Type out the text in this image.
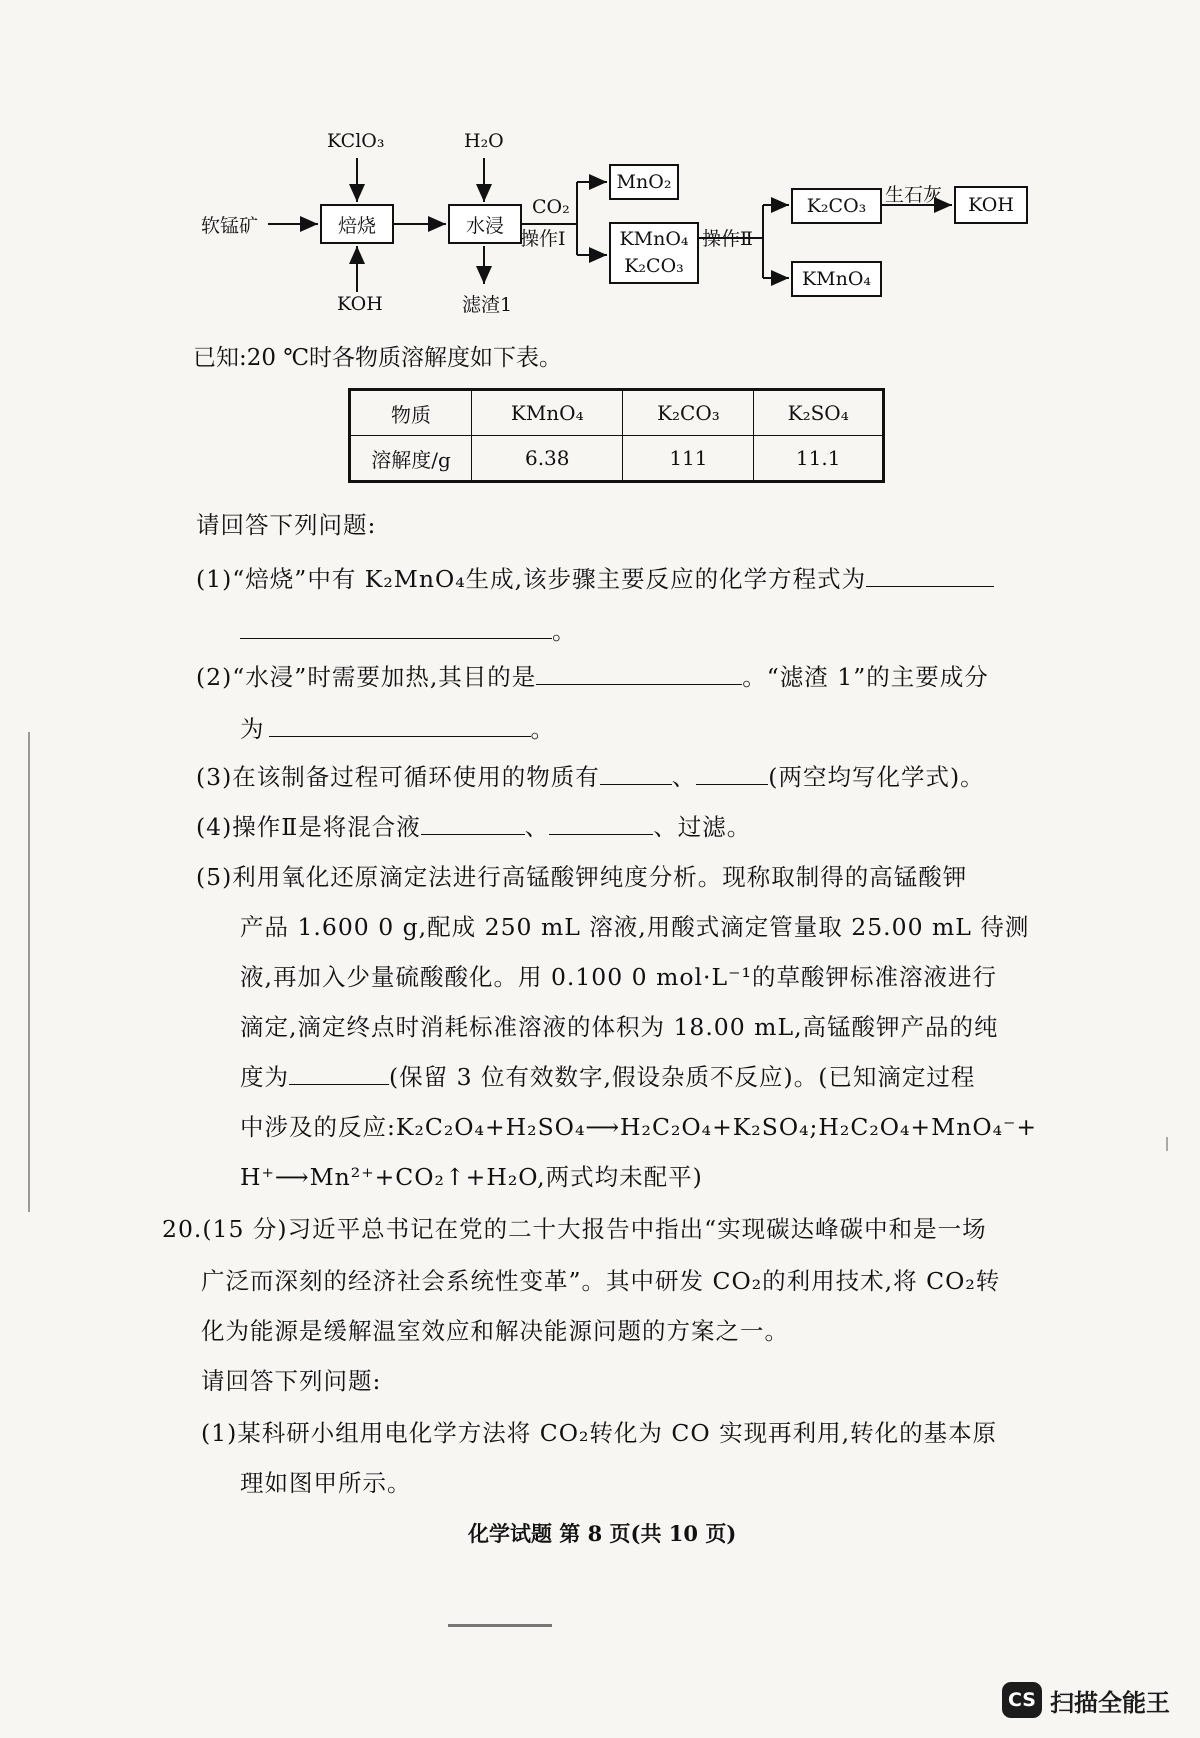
软锰矿
KClO₃
KOH
焙烧
H₂O
水浸
滤渣1
CO₂
操作Ⅰ
MnO₂
KMnO₄
K₂CO₃
操作Ⅱ
K₂CO₃ 生石灰	KOH
KMnO₄
已知:20 ℃时各物质溶解度如下表。
物质	KMnO₄	K₂CO₃	K₂SO₄
溶解度/g	6.38	111	11.1
请回答下列问题:
(1)“焙烧”中有 K₂MnO₄生成,该步骤主要反应的化学方程式为
。
(2)“水浸”时需要加热,其目的是	。“滤渣 1”的主要成分
为	。
(3)在该制备过程可循环使用的物质有	、	(两空均写化学式)。
(4)操作Ⅱ是将混合液	、	、过滤。
(5)利用氧化还原滴定法进行高锰酸钾纯度分析。现称取制得的高锰酸钾
产品 1.600 0 g,配成 250 mL 溶液,用酸式滴定管量取 25.00 mL 待测
液,再加入少量硫酸酸化。用 0.100 0 mol·L⁻¹的草酸钾标准溶液进行
滴定,滴定终点时消耗标准溶液的体积为 18.00 mL,高锰酸钾产品的纯
度为	(保留 3 位有效数字,假设杂质不反应)。(已知滴定过程
中涉及的反应:K₂C₂O₄+H₂SO₄⟶H₂C₂O₄+K₂SO₄;H₂C₂O₄+MnO₄⁻+
H⁺⟶Mn²⁺+CO₂↑+H₂O,两式均未配平)
20.(15 分)习近平总书记在党的二十大报告中指出“实现碳达峰碳中和是一场
广泛而深刻的经济社会系统性变革”。其中研发 CO₂的利用技术,将 CO₂转
化为能源是缓解温室效应和解决能源问题的方案之一。
请回答下列问题:
(1)某科研小组用电化学方法将 CO₂转化为 CO 实现再利用,转化的基本原
理如图甲所示。
化学试题 第 8 页(共 10 页)
CS 扫描全能王
